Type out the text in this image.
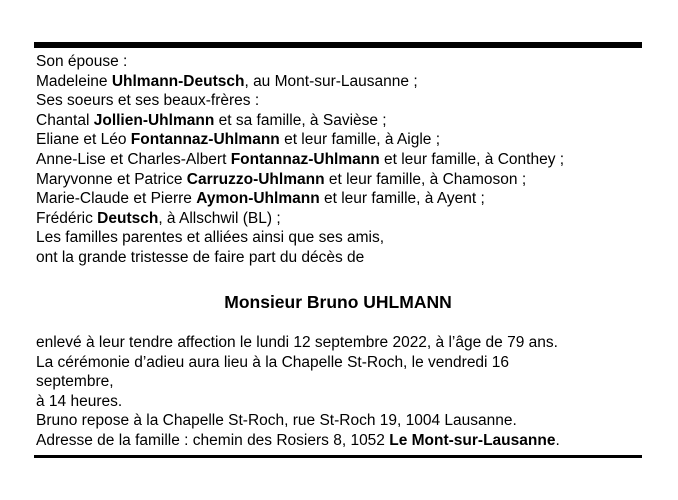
Son épouse :
Madeleine Uhlmann-Deutsch, au Mont-sur-Lausanne ;
Ses soeurs et ses beaux-frères :
Chantal Jollien-Uhlmann et sa famille, à Savièse ;
Eliane et Léo Fontannaz-Uhlmann et leur famille, à Aigle ;
Anne-Lise et Charles-Albert Fontannaz-Uhlmann et leur famille, à Conthey ;
Maryvonne et Patrice Carruzzo-Uhlmann et leur famille, à Chamoson ;
Marie-Claude et Pierre Aymon-Uhlmann et leur famille, à Ayent ;
Frédéric Deutsch, à Allschwil (BL) ;
Les familles parentes et alliées ainsi que ses amis,
ont la grande tristesse de faire part du décès de
Monsieur Bruno UHLMANN
enlevé à leur tendre affection le lundi 12 septembre 2022, à l’âge de 79 ans.
La cérémonie d’adieu aura lieu à la Chapelle St-Roch, le vendredi 16
septembre,
à 14 heures.
Bruno repose à la Chapelle St-Roch, rue St-Roch 19, 1004 Lausanne.
Adresse de la famille : chemin des Rosiers 8, 1052 Le Mont-sur-Lausanne.
